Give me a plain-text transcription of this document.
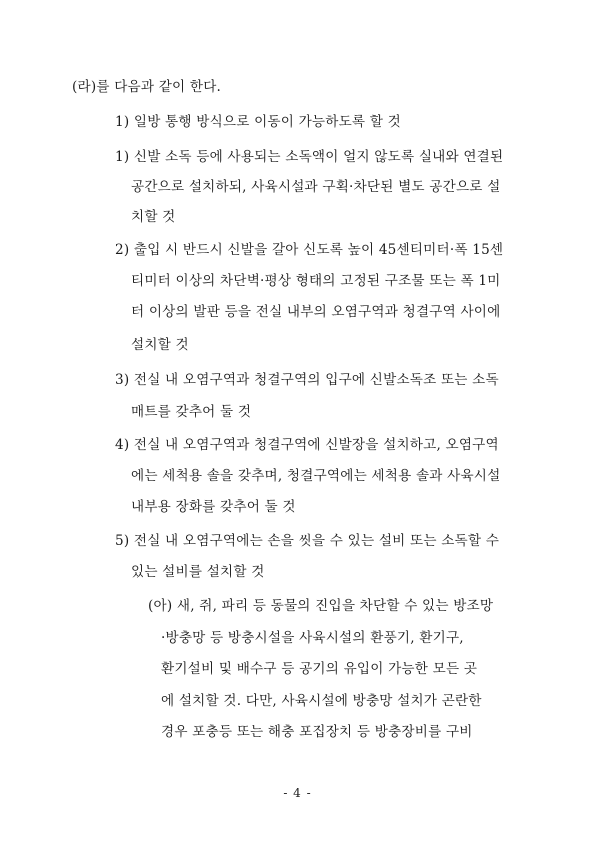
(라)를 다음과 같이 한다.
1) 일방 통행 방식으로 이동이 가능하도록 할 것
1) 신발 소독 등에 사용되는 소독액이 얼지 않도록 실내와 연결된
공간으로 설치하되, 사육시설과 구획·차단된 별도 공간으로 설
치할 것
2) 출입 시 반드시 신발을 갈아 신도록 높이 45센티미터·폭 15센
티미터 이상의 차단벽·평상 형태의 고정된 구조물 또는 폭 1미
터 이상의 발판 등을 전실 내부의 오염구역과 청결구역 사이에
설치할 것
3) 전실 내 오염구역과 청결구역의 입구에 신발소독조 또는 소독
매트를 갖추어 둘 것
4) 전실 내 오염구역과 청결구역에 신발장을 설치하고, 오염구역
에는 세척용 솔을 갖추며, 청결구역에는 세척용 솔과 사육시설
내부용 장화를 갖추어 둘 것
5) 전실 내 오염구역에는 손을 씻을 수 있는 설비 또는 소독할 수
있는 설비를 설치할 것
(아) 새, 쥐, 파리 등 동물의 진입을 차단할 수 있는 방조망
·방충망 등 방충시설을 사육시설의 환풍기, 환기구,
환기설비 및 배수구 등 공기의 유입이 가능한 모든 곳
에 설치할 것. 다만, 사육시설에 방충망 설치가 곤란한
경우 포충등 또는 해충 포집장치 등 방충장비를 구비
- 4 -
